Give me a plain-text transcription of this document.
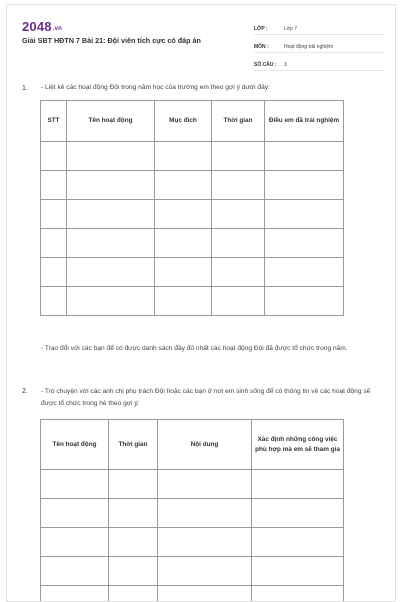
2048.vn
Giải SBT HĐTN 7 Bài 21: Đội viên tích cực có đáp án
LỚP :	Lớp 7
MÔN :	Hoạt động trải nghiệm
SỐ CÂU :	3
1. - Liệt kê các hoạt động Đội trong năm học của trường em theo gợi ý dưới đây:
STT	Tên hoạt động	Mục đích	Thời gian	Điều em đã trải nghiệm

- Trao đổi với các bạn để có được danh sách đầy đủ nhất các hoạt động Đội đã được tổ chức trong năm.
2. - Trò chuyện với các anh chị phụ trách Đội hoặc các bạn ở nơi em sinh sống để có thông tin về các hoạt động sẽ được tổ chức trong hè theo gợi ý:
Tên hoạt động	Thời gian	Nội dung	Xác định những công việc phù hợp mà em sẽ tham gia
